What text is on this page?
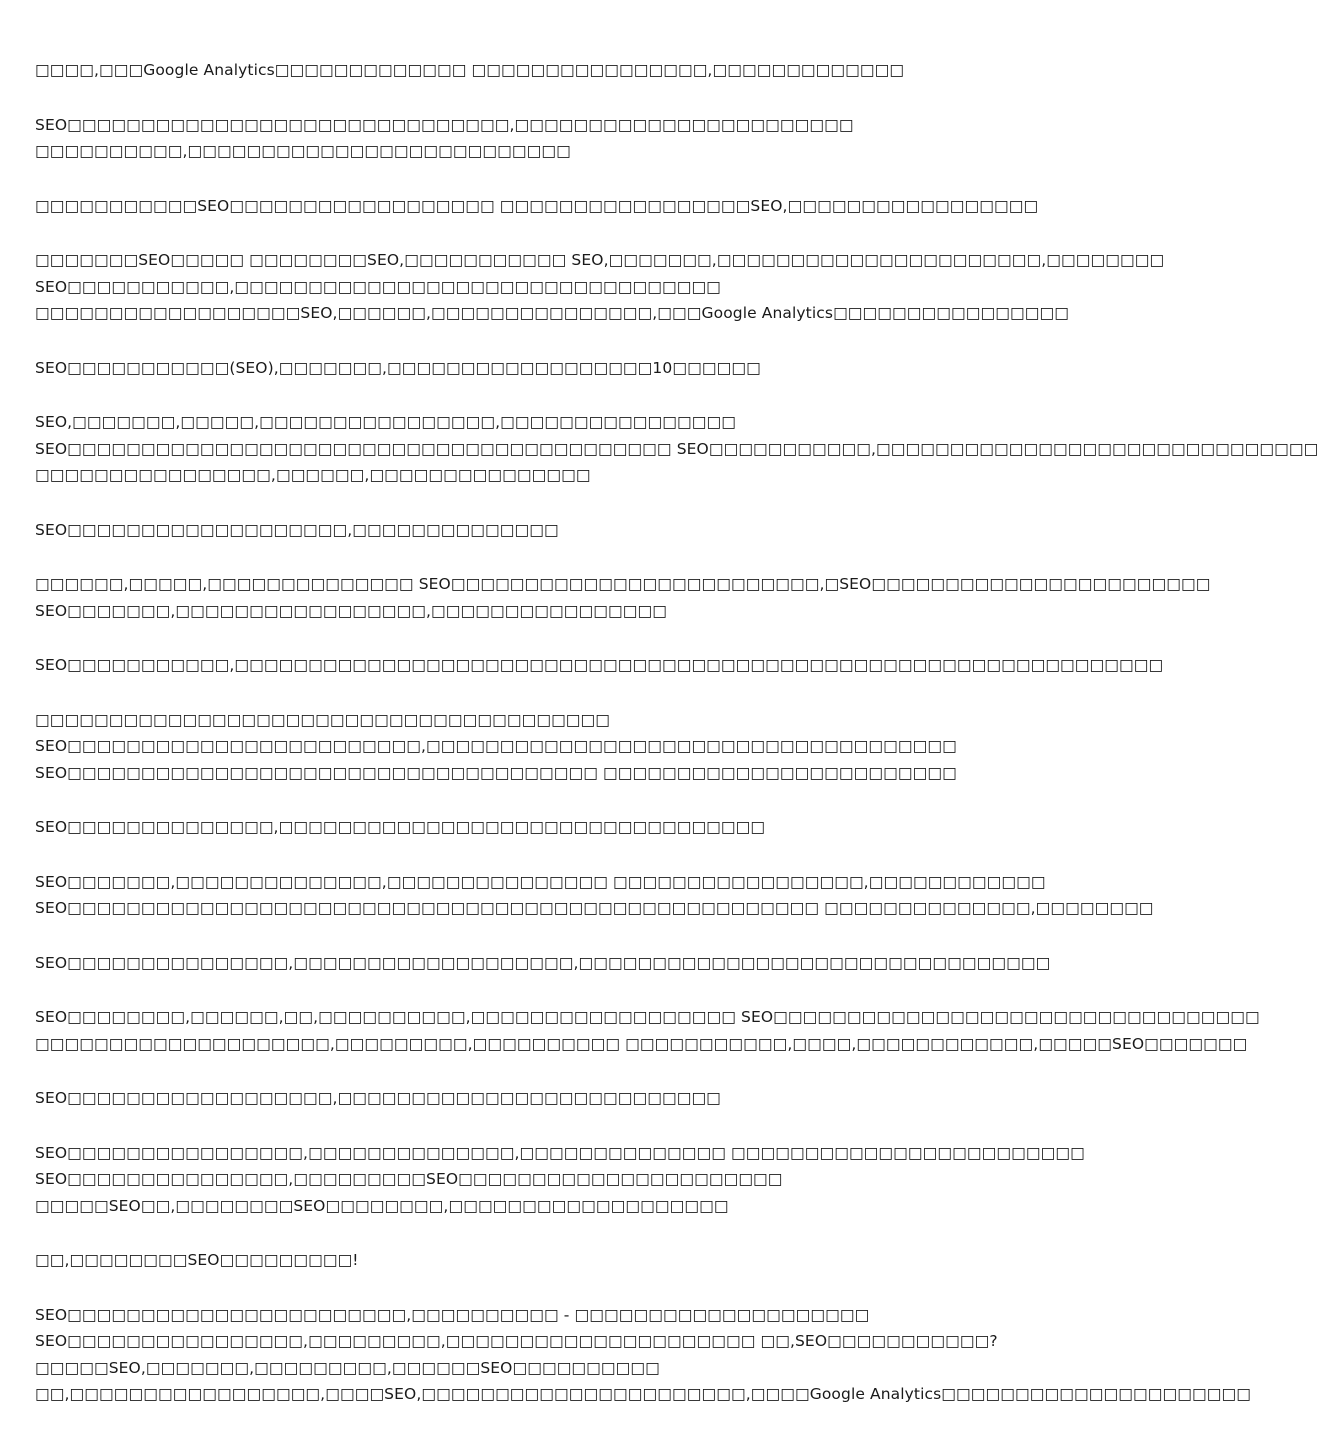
□□□□,□□□Google Analytics□□□□□□□□□□□□□ □□□□□□□□□□□□□□□□,□□□□□□□□□□□□□

SEO□□□□□□□□□□□□□□□□□□□□□□□□□□□□□□,□□□□□□□□□□□□□□□□□□□□□□□
□□□□□□□□□□,□□□□□□□□□□□□□□□□□□□□□□□□□□

□□□□□□□□□□□SEO□□□□□□□□□□□□□□□□□□ □□□□□□□□□□□□□□□□□SEO,□□□□□□□□□□□□□□□□□

□□□□□□□SEO□□□□□ □□□□□□□□SEO,□□□□□□□□□□□ SEO,□□□□□□□,□□□□□□□□□□□□□□□□□□□□□□,□□□□□□□□
SEO□□□□□□□□□□□,□□□□□□□□□□□□□□□□□□□□□□□□□□□□□□□□□
□□□□□□□□□□□□□□□□□□SEO,□□□□□□,□□□□□□□□□□□□□□□,□□□Google Analytics□□□□□□□□□□□□□□□□

SEO□□□□□□□□□□□(SEO),□□□□□□□,□□□□□□□□□□□□□□□□□□10□□□□□□

SEO,□□□□□□□,□□□□□,□□□□□□□□□□□□□□□□,□□□□□□□□□□□□□□□□
SEO□□□□□□□□□□□□□□□□□□□□□□□□□□□□□□□□□□□□□□□□□ SEO□□□□□□□□□□□,□□□□□□□□□□□□□□□□□□□□□□□□□□□□□□
□□□□□□□□□□□□□□□□,□□□□□□,□□□□□□□□□□□□□□□

SEO□□□□□□□□□□□□□□□□□□□,□□□□□□□□□□□□□□

□□□□□□,□□□□□,□□□□□□□□□□□□□□ SEO□□□□□□□□□□□□□□□□□□□□□□□□□,□SEO□□□□□□□□□□□□□□□□□□□□□□□
SEO□□□□□□□,□□□□□□□□□□□□□□□□□,□□□□□□□□□□□□□□□□

SEO□□□□□□□□□□□,□□□□□□□□□□□□□□□□□□□□□□□□□□□□□□□□□□□□□□□□□□□□□□□□□□□□□□□□□□□□□□□

□□□□□□□□□□□□□□□□□□□□□□□□□□□□□□□□□□□□□□□
SEO□□□□□□□□□□□□□□□□□□□□□□□□,□□□□□□□□□□□□□□□□□□□□□□□□□□□□□□□□□□□□
SEO□□□□□□□□□□□□□□□□□□□□□□□□□□□□□□□□□□□□ □□□□□□□□□□□□□□□□□□□□□□□□

SEO□□□□□□□□□□□□□□,□□□□□□□□□□□□□□□□□□□□□□□□□□□□□□□□□

SEO□□□□□□□,□□□□□□□□□□□□□□,□□□□□□□□□□□□□□□ □□□□□□□□□□□□□□□□□,□□□□□□□□□□□□
SEO□□□□□□□□□□□□□□□□□□□□□□□□□□□□□□□□□□□□□□□□□□□□□□□□□□□ □□□□□□□□□□□□□□,□□□□□□□□

SEO□□□□□□□□□□□□□□□,□□□□□□□□□□□□□□□□□□□,□□□□□□□□□□□□□□□□□□□□□□□□□□□□□□□□

SEO□□□□□□□□,□□□□□□,□□,□□□□□□□□□□,□□□□□□□□□□□□□□□□□□ SEO□□□□□□□□□□□□□□□□□□□□□□□□□□□□□□□□□
□□□□□□□□□□□□□□□□□□□□,□□□□□□□□□,□□□□□□□□□□ □□□□□□□□□□□,□□□□,□□□□□□□□□□□□,□□□□□SEO□□□□□□□

SEO□□□□□□□□□□□□□□□□□□,□□□□□□□□□□□□□□□□□□□□□□□□□□

SEO□□□□□□□□□□□□□□□□,□□□□□□□□□□□□□□,□□□□□□□□□□□□□□ □□□□□□□□□□□□□□□□□□□□□□□□
SEO□□□□□□□□□□□□□□□,□□□□□□□□□SEO□□□□□□□□□□□□□□□□□□□□□□
□□□□□SEO□□,□□□□□□□□SEO□□□□□□□□,□□□□□□□□□□□□□□□□□□□

□□,□□□□□□□□SEO□□□□□□□□□!

SEO□□□□□□□□□□□□□□□□□□□□□□□,□□□□□□□□□□ - □□□□□□□□□□□□□□□□□□□□
SEO□□□□□□□□□□□□□□□□,□□□□□□□□□,□□□□□□□□□□□□□□□□□□□□□ □□,SEO□□□□□□□□□□□?
□□□□□SEO,□□□□□□□,□□□□□□□□□,□□□□□□SEO□□□□□□□□□□
□□,□□□□□□□□□□□□□□□□□,□□□□SEO,□□□□□□□□□□□□□□□□□□□□□□,□□□□Google Analytics□□□□□□□□□□□□□□□□□□□□□
